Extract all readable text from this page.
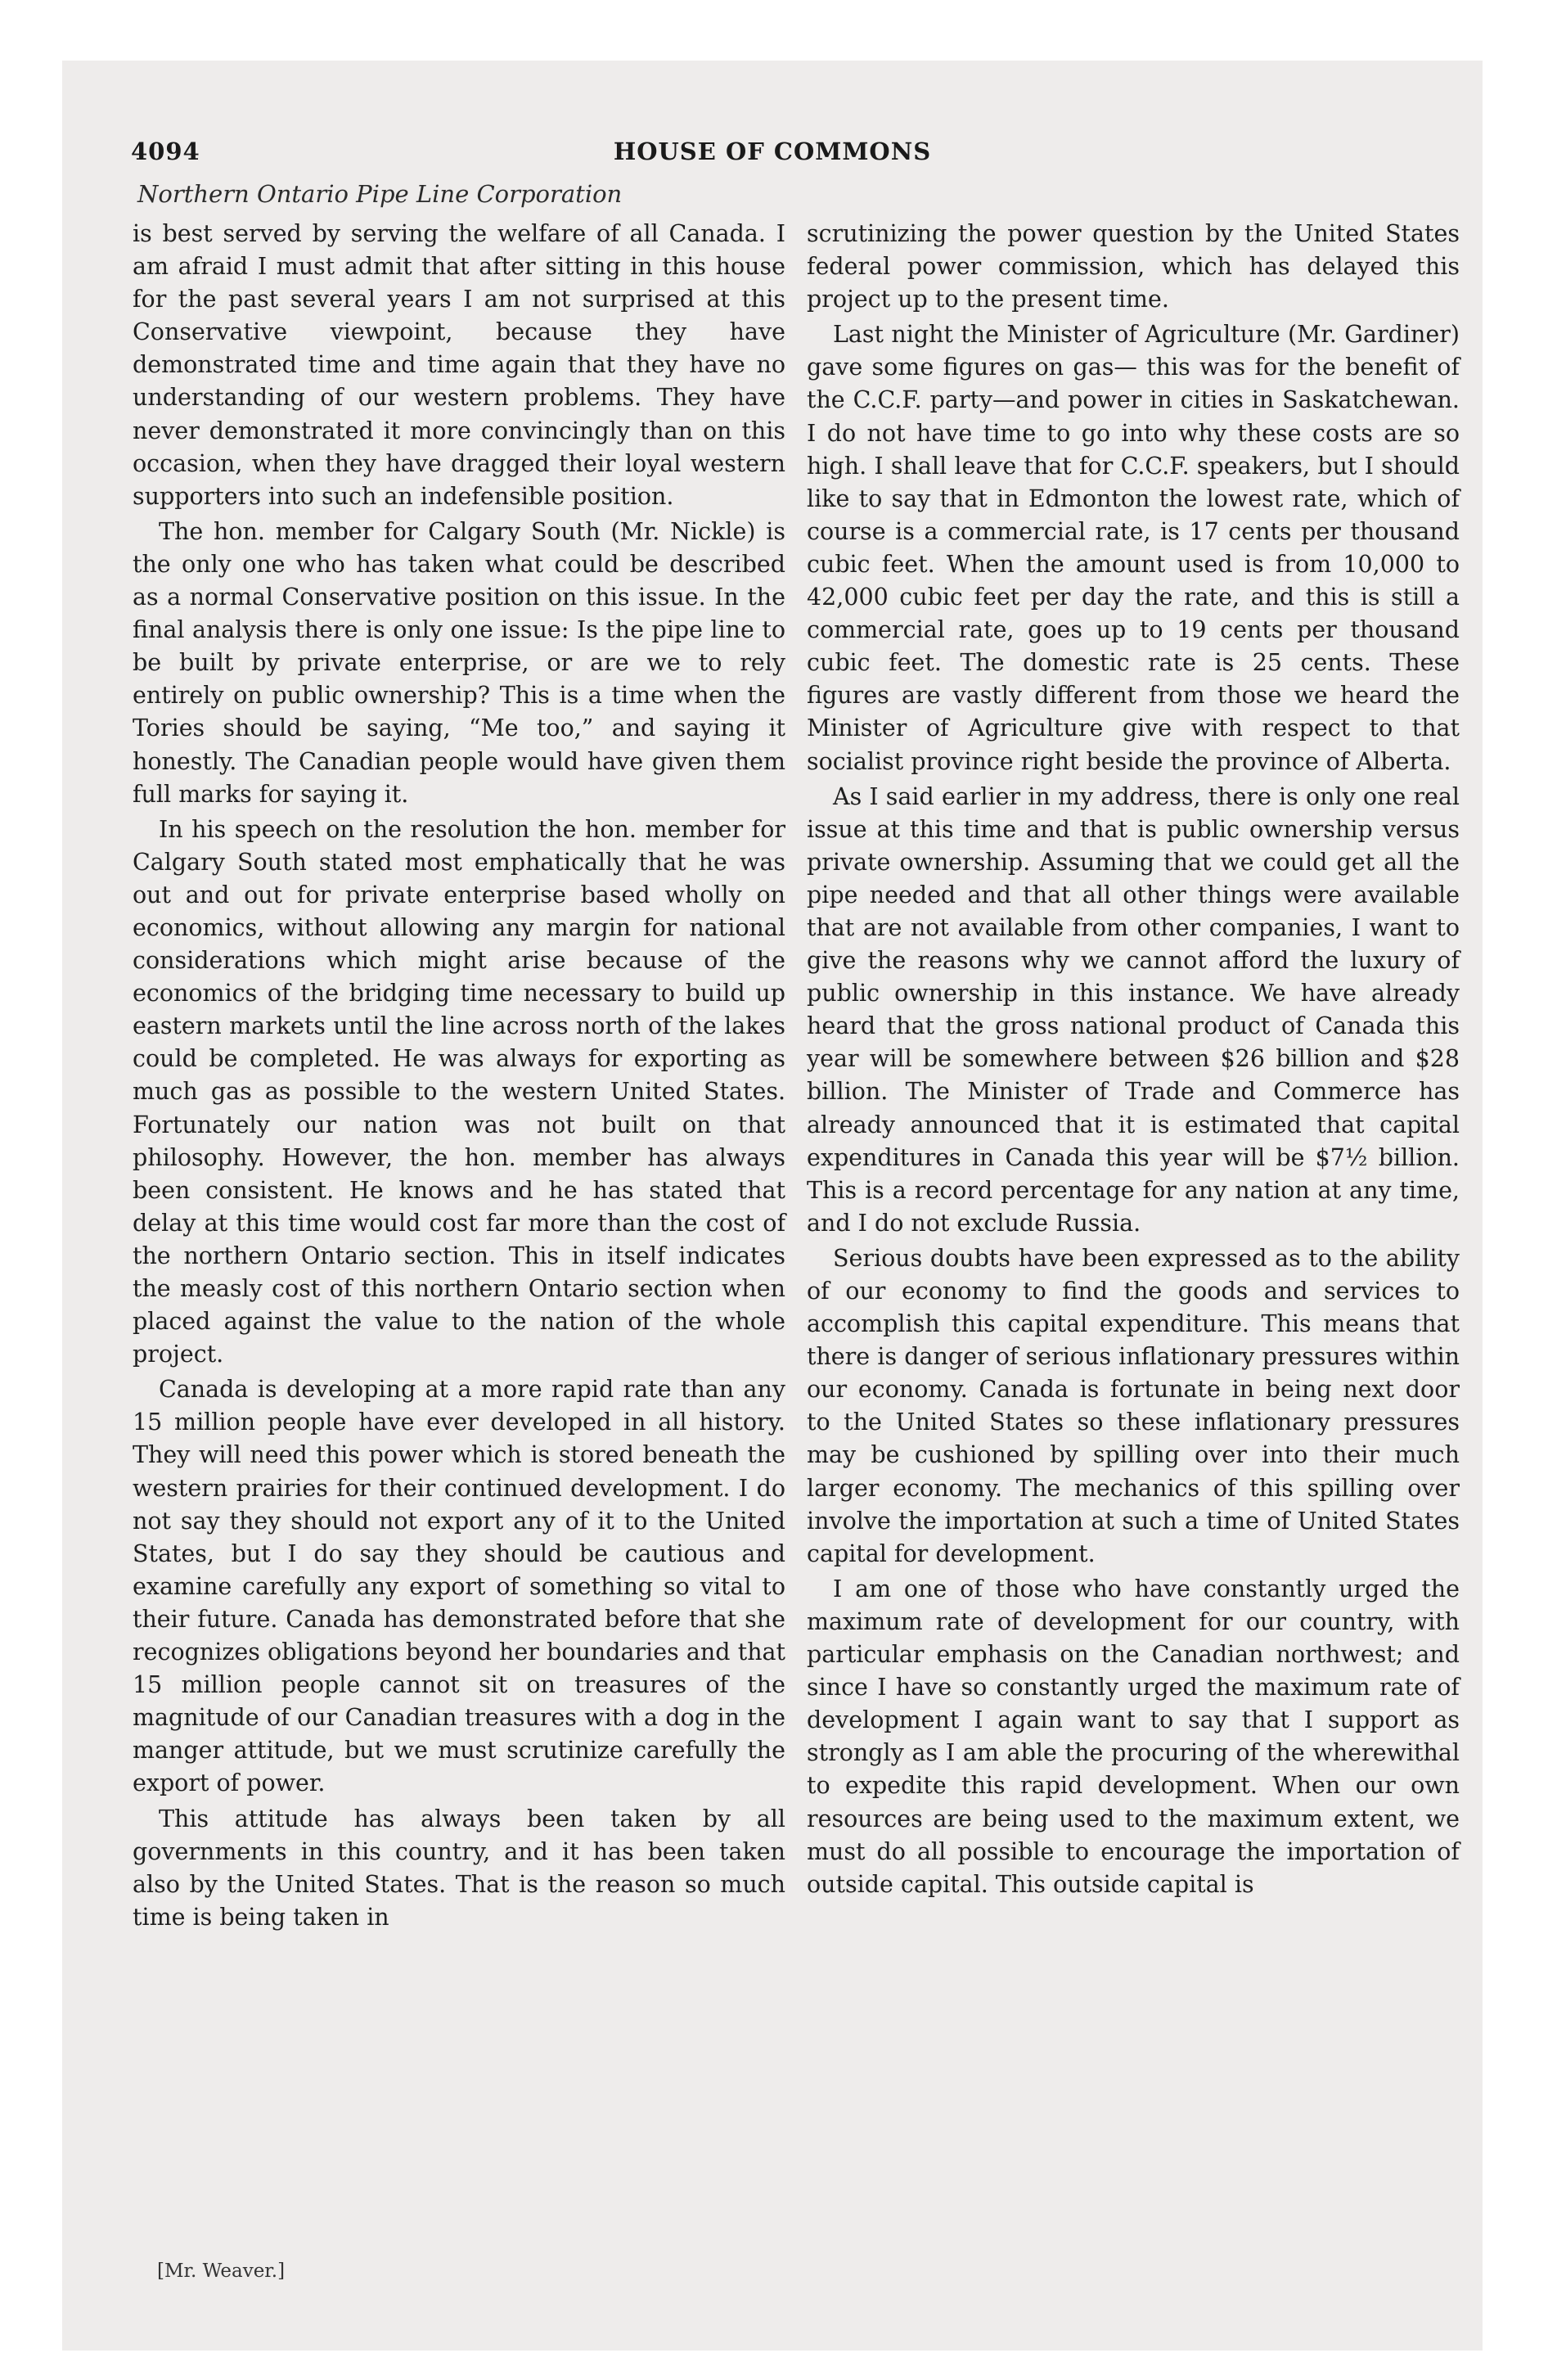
4094	HOUSE OF COMMONS
Northern Ontario Pipe Line Corporation

is best served by serving the welfare of all Canada. I am afraid I must admit that after sitting in this house for the past several years I am not surprised at this Conservative viewpoint, because they have demonstrated time and time again that they have no understanding of our western problems. They have never demonstrated it more convincingly than on this occasion, when they have dragged their loyal western supporters into such an indefensible position.

The hon. member for Calgary South (Mr. Nickle) is the only one who has taken what could be described as a normal Conservative position on this issue. In the final analysis there is only one issue: Is the pipe line to be built by private enterprise, or are we to rely entirely on public ownership? This is a time when the Tories should be saying, “Me too,” and saying it honestly. The Canadian people would have given them full marks for saying it.

In his speech on the resolution the hon. member for Calgary South stated most emphatically that he was out and out for private enterprise based wholly on economics, without allowing any margin for national considerations which might arise because of the economics of the bridging time necessary to build up eastern markets until the line across north of the lakes could be completed. He was always for exporting as much gas as possible to the western United States. Fortunately our nation was not built on that philosophy. However, the hon. member has always been consistent. He knows and he has stated that delay at this time would cost far more than the cost of the northern Ontario section. This in itself indicates the measly cost of this northern Ontario section when placed against the value to the nation of the whole project.

Canada is developing at a more rapid rate than any 15 million people have ever developed in all history. They will need this power which is stored beneath the western prairies for their continued development. I do not say they should not export any of it to the United States, but I do say they should be cautious and examine carefully any export of something so vital to their future. Canada has demonstrated before that she recognizes obligations beyond her boundaries and that 15 million people cannot sit on treasures of the magnitude of our Canadian treasures with a dog in the manger attitude, but we must scrutinize carefully the export of power.

This attitude has always been taken by all governments in this country, and it has been taken also by the United States. That is the reason so much time is being taken in

scrutinizing the power question by the United States federal power commission, which has delayed this project up to the present time.

Last night the Minister of Agriculture (Mr. Gardiner) gave some figures on gas— this was for the benefit of the C.C.F. party—and power in cities in Saskatchewan. I do not have time to go into why these costs are so high. I shall leave that for C.C.F. speakers, but I should like to say that in Edmonton the lowest rate, which of course is a commercial rate, is 17 cents per thousand cubic feet. When the amount used is from 10,000 to 42,000 cubic feet per day the rate, and this is still a commercial rate, goes up to 19 cents per thousand cubic feet. The domestic rate is 25 cents. These figures are vastly different from those we heard the Minister of Agriculture give with respect to that socialist province right beside the province of Alberta.

As I said earlier in my address, there is only one real issue at this time and that is public ownership versus private ownership. Assuming that we could get all the pipe needed and that all other things were available that are not available from other companies, I want to give the reasons why we cannot afford the luxury of public ownership in this instance. We have already heard that the gross national product of Canada this year will be somewhere between $26 billion and $28 billion. The Minister of Trade and Commerce has already announced that it is estimated that capital expenditures in Canada this year will be $7½ billion. This is a record percentage for any nation at any time, and I do not exclude Russia.

Serious doubts have been expressed as to the ability of our economy to find the goods and services to accomplish this capital expenditure. This means that there is danger of serious inflationary pressures within our economy. Canada is fortunate in being next door to the United States so these inflationary pressures may be cushioned by spilling over into their much larger economy. The mechanics of this spilling over involve the importation at such a time of United States capital for development.

I am one of those who have constantly urged the maximum rate of development for our country, with particular emphasis on the Canadian northwest; and since I have so constantly urged the maximum rate of development I again want to say that I support as strongly as I am able the procuring of the wherewithal to expedite this rapid development. When our own resources are being used to the maximum extent, we must do all possible to encourage the importation of outside capital. This outside capital is

[Mr. Weaver.]
